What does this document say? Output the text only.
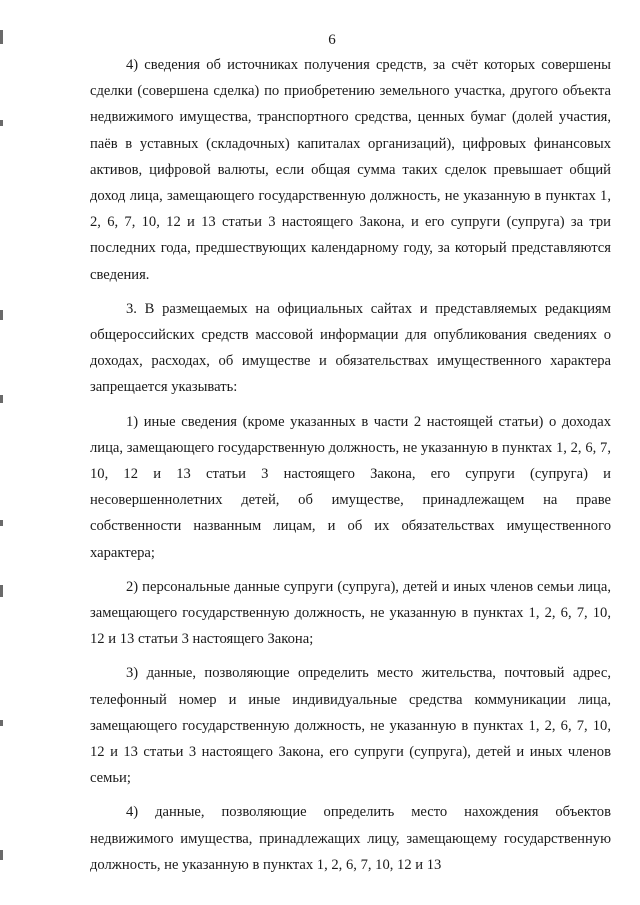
6

4) сведения об источниках получения средств, за счёт которых совершены сделки (совершена сделка) по приобретению земельного участка, другого объекта недвижимого имущества, транспортного средства, ценных бумаг (долей участия, паёв в уставных (складочных) капиталах организаций), цифровых финансовых активов, цифровой валюты, если общая сумма таких сделок превышает общий доход лица, замещающего государственную должность, не указанную в пунктах 1, 2, 6, 7, 10, 12 и 13 статьи 3 настоящего Закона, и его супруги (супруга) за три последних года, предшествующих календарному году, за который представляются сведения.

3. В размещаемых на официальных сайтах и представляемых редакциям общероссийских средств массовой информации для опубликования сведениях о доходах, расходах, об имуществе и обязательствах имущественного характера запрещается указывать:

1) иные сведения (кроме указанных в части 2 настоящей статьи) о доходах лица, замещающего государственную должность, не указанную в пунктах 1, 2, 6, 7, 10, 12 и 13 статьи 3 настоящего Закона, его супруги (супруга) и несовершеннолетних детей, об имуществе, принадлежащем на праве собственности названным лицам, и об их обязательствах имущественного характера;

2) персональные данные супруги (супруга), детей и иных членов семьи лица, замещающего государственную должность, не указанную в пунктах 1, 2, 6, 7, 10, 12 и 13 статьи 3 настоящего Закона;

3) данные, позволяющие определить место жительства, почтовый адрес, телефонный номер и иные индивидуальные средства коммуникации лица, замещающего государственную должность, не указанную в пунктах 1, 2, 6, 7, 10, 12 и 13 статьи 3 настоящего Закона, его супруги (супруга), детей и иных членов семьи;

4) данные, позволяющие определить место нахождения объектов недвижимого имущества, принадлежащих лицу, замещающему государственную должность, не указанную в пунктах 1, 2, 6, 7, 10, 12 и 13
